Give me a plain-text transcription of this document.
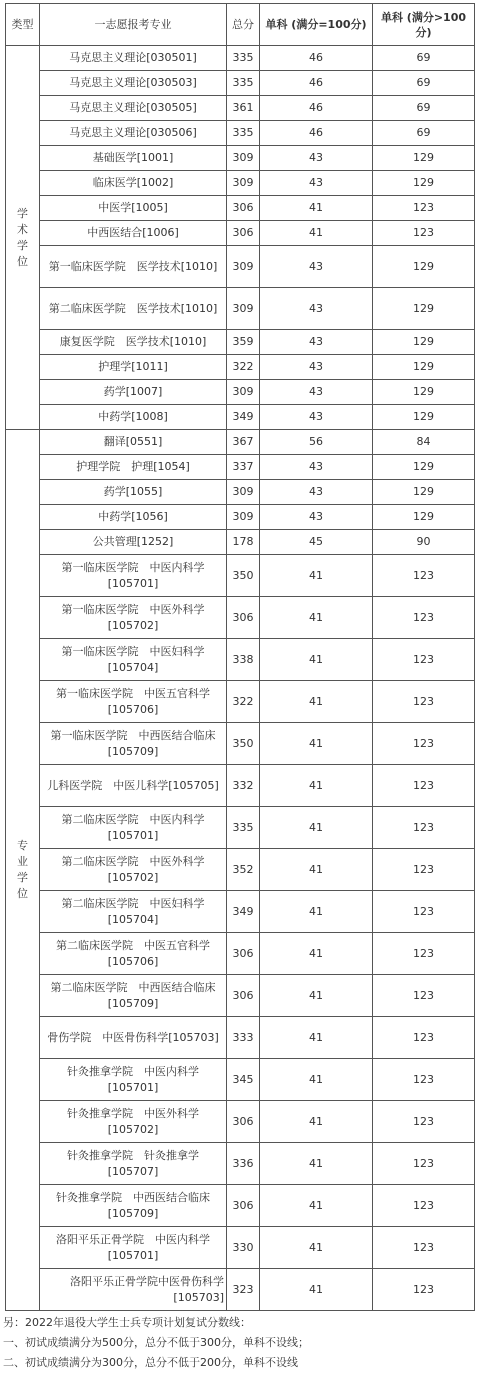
类型	一志愿报考专业	总分	单科 (满分=100分)	单科 (满分>100分)
学术学位	马克思主义理论[030501]	335	46	69
	马克思主义理论[030503]	335	46	69
	马克思主义理论[030505]	361	46	69
	马克思主义理论[030506]	335	46	69
	基础医学[1001]	309	43	129
	临床医学[1002]	309	43	129
	中医学[1005]	306	41	123
	中西医结合[1006]	306	41	123
	第一临床医学院　医学技术[1010]	309	43	129
	第二临床医学院　医学技术[1010]	309	43	129
	康复医学院　医学技术[1010]	359	43	129
	护理学[1011]	322	43	129
	药学[1007]	309	43	129
	中药学[1008]	349	43	129
专业学位	翻译[0551]	367	56	84
	护理学院　护理[1054]	337	43	129
	药学[1055]	309	43	129
	中药学[1056]	309	43	129
	公共管理[1252]	178	45	90
	第一临床医学院　中医内科学[105701]	350	41	123
	第一临床医学院　中医外科学[105702]	306	41	123
	第一临床医学院　中医妇科学[105704]	338	41	123
	第一临床医学院　中医五官科学[105706]	322	41	123
	第一临床医学院　中西医结合临床[105709]	350	41	123
	儿科医学院　中医儿科学[105705]	332	41	123
	第二临床医学院　中医内科学[105701]	335	41	123
	第二临床医学院　中医外科学[105702]	352	41	123
	第二临床医学院　中医妇科学[105704]	349	41	123
	第二临床医学院　中医五官科学[105706]	306	41	123
	第二临床医学院　中西医结合临床[105709]	306	41	123
	骨伤学院　中医骨伤科学[105703]	333	41	123
	针灸推拿学院　中医内科学[105701]	345	41	123
	针灸推拿学院　中医外科学[105702]	306	41	123
	针灸推拿学院　针灸推拿学[105707]	336	41	123
	针灸推拿学院　中西医结合临床[105709]	306	41	123
	洛阳平乐正骨学院　中医内科学[105701]	330	41	123
	洛阳平乐正骨学院中医骨伤科学[105703]	323	41	123
另：2022年退役大学生士兵专项计划复试分数线：
一、初试成绩满分为500分，总分不低于300分，单科不设线；
二、初试成绩满分为300分，总分不低于200分，单科不设线
